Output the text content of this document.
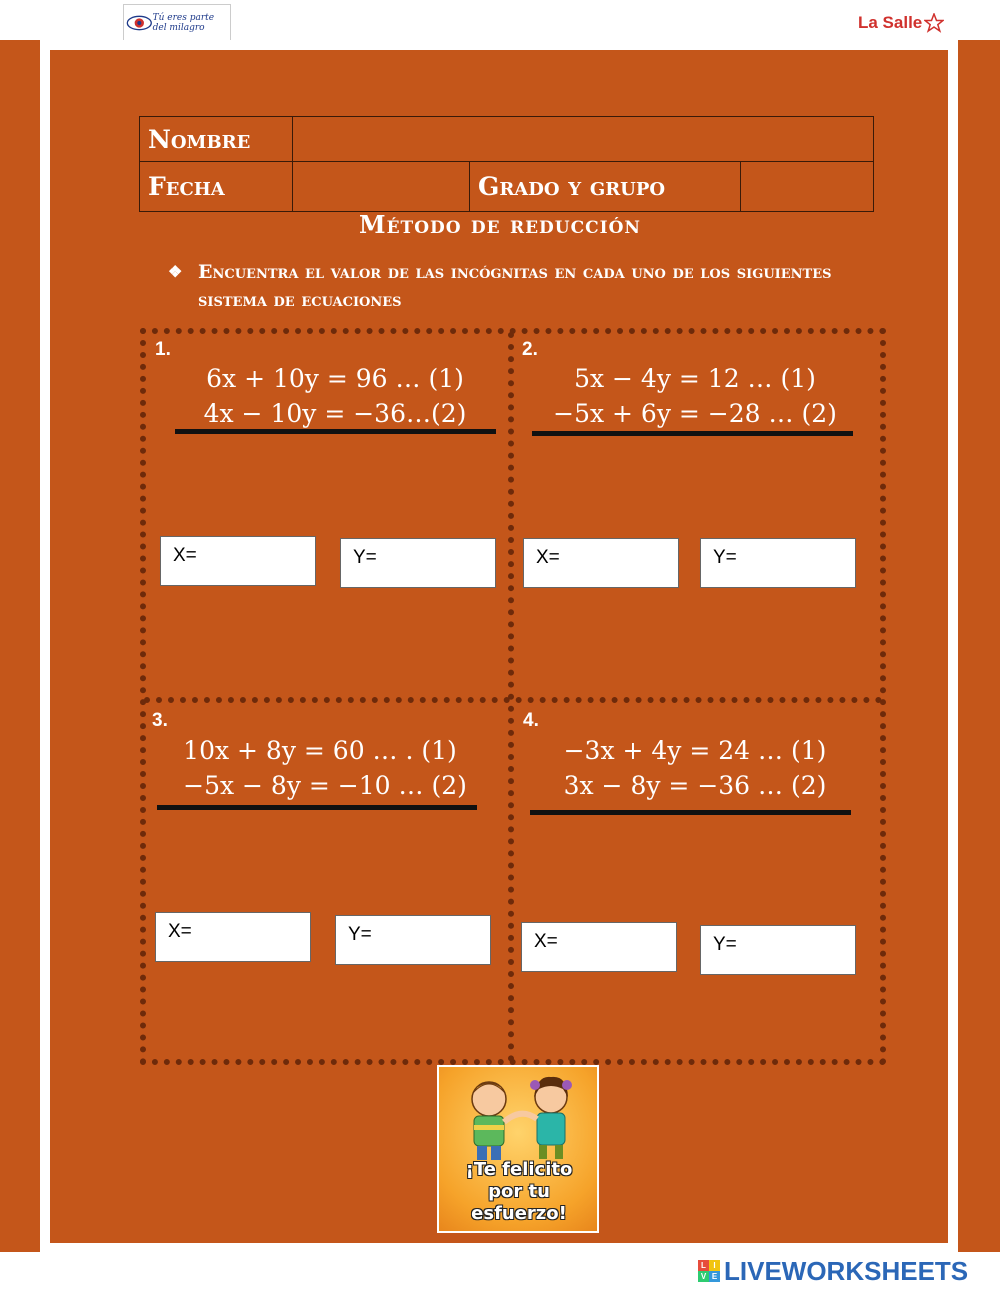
Tú eres parte del milagro	La Salle
Nombre			
Fecha		Grado y grupo	
Método de reducción
❖ Encuentra el valor de las incógnitas en cada uno de los siguientes sistema de ecuaciones
1.
6x + 10y = 96 … (1)
4x − 10y = −36…(2)
X=	Y=
2.
5x − 4y = 12 … (1)
−5x + 6y = −28 … (2)
X=	Y=
3.
10x + 8y = 60 … . (1)
−5x − 8y = −10 … (2)
X=	Y=
4.
−3x + 4y = 24 … (1)
3x − 8y = −36 … (2)
X=	Y=
¡Te felicito
por tu
esfuerzo!
L I
V E LIVEWORKSHEETS
